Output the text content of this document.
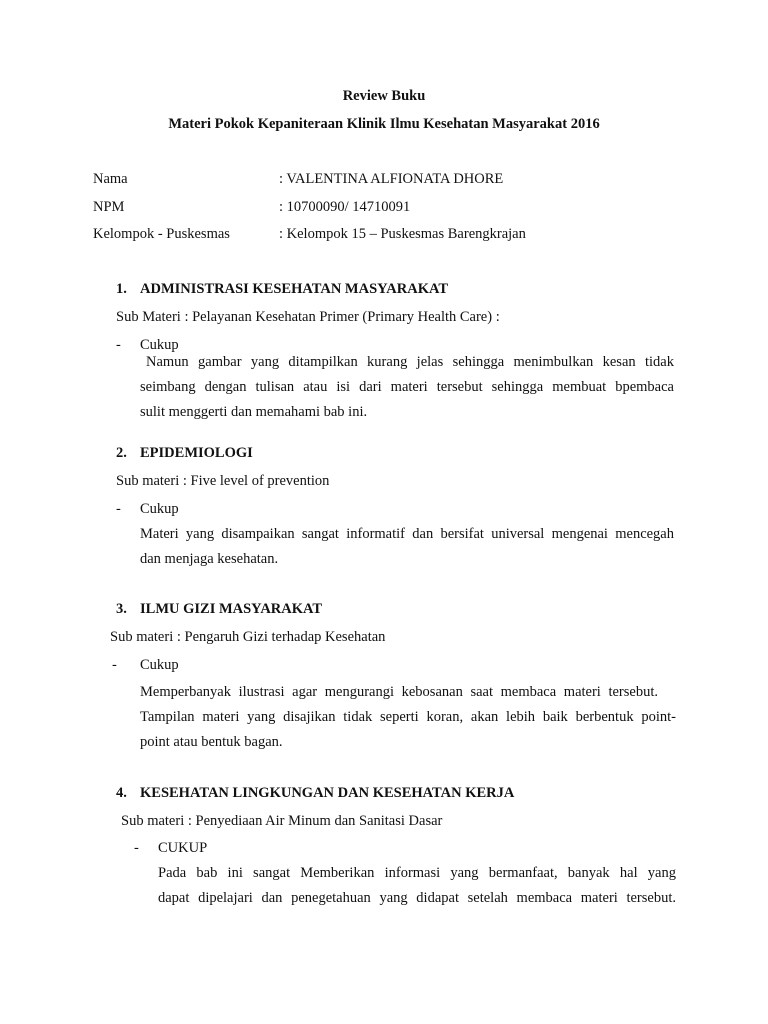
Review Buku
Materi Pokok Kepaniteraan Klinik Ilmu Kesehatan Masyarakat 2016
Nama	: VALENTINA ALFIONATA DHORE
NPM	: 10700090/ 14710091
Kelompok - Puskesmas	: Kelompok 15 – Puskesmas Barengkrajan
1. ADMINISTRASI KESEHATAN MASYARAKAT
Sub Materi : Pelayanan Kesehatan Primer (Primary Health Care) :
- Cukup
Namun gambar yang ditampilkan kurang jelas sehingga menimbulkan kesan tidak
seimbang dengan tulisan atau isi dari materi tersebut sehingga membuat bpembaca
sulit menggerti dan memahami bab ini.
2. EPIDEMIOLOGI
Sub materi : Five level of prevention
- Cukup
Materi yang disampaikan sangat informatif dan bersifat universal mengenai mencegah
dan menjaga kesehatan.
3. ILMU GIZI MASYARAKAT
Sub materi : Pengaruh Gizi terhadap Kesehatan
- Cukup
Memperbanyak ilustrasi agar mengurangi kebosanan saat membaca materi tersebut.
Tampilan materi yang disajikan tidak seperti koran, akan lebih baik berbentuk point-
point atau bentuk bagan.
4. KESEHATAN LINGKUNGAN DAN KESEHATAN KERJA
Sub materi : Penyediaan Air Minum dan Sanitasi Dasar
- CUKUP
Pada bab ini sangat Memberikan informasi yang bermanfaat, banyak hal yang
dapat dipelajari dan penegetahuan yang didapat setelah membaca materi tersebut.
